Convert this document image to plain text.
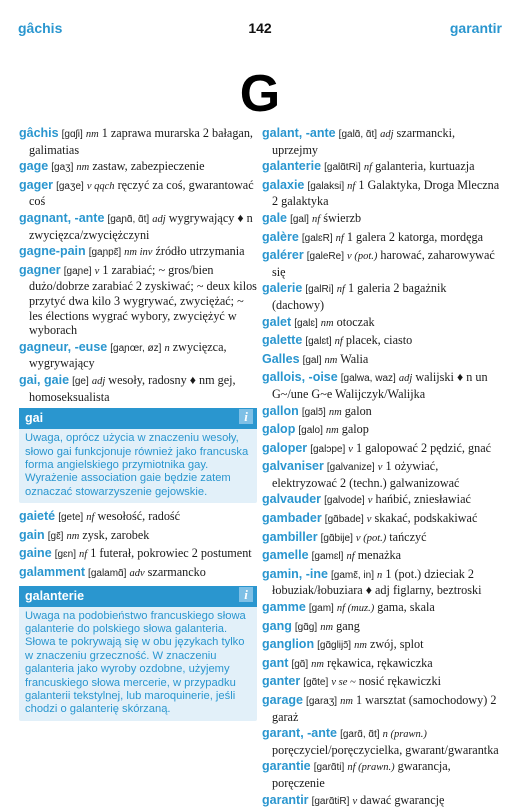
gâchis	142	garantir
G
gâchis [gɑʃi] nm 1 zaprawa murarska 2 bałagan, galimatias
gage [gaʒ] nm zastaw, zabezpieczenie
gager [gaʒe] v qqch ręczyć za coś, gwarantować coś
gagnant, -ante [gaɲɑ̃, ɑ̃t] adj wygrywający ♦ n zwycięzca/zwyciężczyni
gagne-pain [gaɲpɛ̃] nm inv źródło utrzymania
gagner [gaɲe] v 1 zarabiać; ~ gros/bien dużo/dobrze zarabiać 2 zyskiwać; ~ deux kilos przytyć dwa kilo 3 wygrywać, zwyciężać; ~ les élections wygrać wybory, zwyciężyć w wyborach
gagneur, -euse [gaɲœr, øz] n zwycięzca, wygrywający
gai, gaie [ge] adj wesoły, radosny ♦ nm gej, homoseksualista
gai	i
Uwaga, oprócz użycia w znaczeniu wesoły, słowo gai funkcjonuje również jako francuska forma angielskiego przymiotnika gay. Wyrażenie association gaie będzie zatem oznaczać stowarzyszenie gejowskie.
gaieté [gete] nf wesołość, radość
gain [gɛ̃] nm zysk, zarobek
gaine [gɛn] nf 1 futerał, pokrowiec 2 postument
galamment [galamɑ̃] adv szarmancko
galanterie	i
Uwaga na podobieństwo francuskiego słowa galanterie do polskiego słowa galanteria. Słowa te pokrywają się w obu językach tylko w znaczeniu grzeczność. W znaczeniu galanteria jako wyroby ozdobne, użyjemy francuskiego słowa mercerie, w przypadku galanterii tekstylnej, lub maroquinerie, jeśli chodzi o galanterię skórzaną.
galant, -ante [galɑ̃, ɑ̃t] adj szarmancki, uprzejmy
galanterie [galɑ̃tRi] nf galanteria, kurtuazja
galaxie [galaksi] nf 1 Galaktyka, Droga Mleczna 2 galaktyka
gale [gal] nf świerzb
galère [galɛR] nf 1 galera 2 katorga, mordęga
galérer [galeRe] v (pot.) harować, zaharowywać się
galerie [galRi] nf 1 galeria 2 bagażnik (dachowy)
galet [galɛ] nm otoczak
galette [galɛt] nf placek, ciasto
Galles [gal] nm Walia
gallois, -oise [galwa, waz] adj walijski ♦ n un G~/une G~e Walijczyk/Walijka
gallon [galɔ̃] nm galon
galop [galo] nm galop
galoper [galɔpe] v 1 galopować 2 pędzić, gnać
galvaniser [galvanize] v 1 ożywiać, elektryzować 2 (techn.) galwanizować
galvauder [galvode] v hańbić, zniesławiać
gambader [gɑ̃bade] v skakać, podskakiwać
gambiller [gɑ̃bije] v (pot.) tańczyć
gamelle [gamɛl] nf menażka
gamin, -ine [gamɛ̃, in] n 1 (pot.) dzieciak 2 łobuziak/łobuziara ♦ adj figlarny, beztroski
gamme [gam] nf (muz.) gama, skala
gang [gɑ̃g] nm gang
ganglion [gɑ̃glijɔ̃] nm zwój, splot
gant [gɑ̃] nm rękawica, rękawiczka
ganter [gɑ̃te] v se ~ nosić rękawiczki
garage [garaʒ] nm 1 warsztat (samochodowy) 2 garaż
garant, -ante [garɑ̃, ɑ̃t] n (prawn.) poręczyciel/poręczycielka, gwarant/gwarantka
garantie [garɑ̃ti] nf (prawn.) gwarancja, poręczenie
garantir [garɑ̃tiR] v dawać gwarancję
